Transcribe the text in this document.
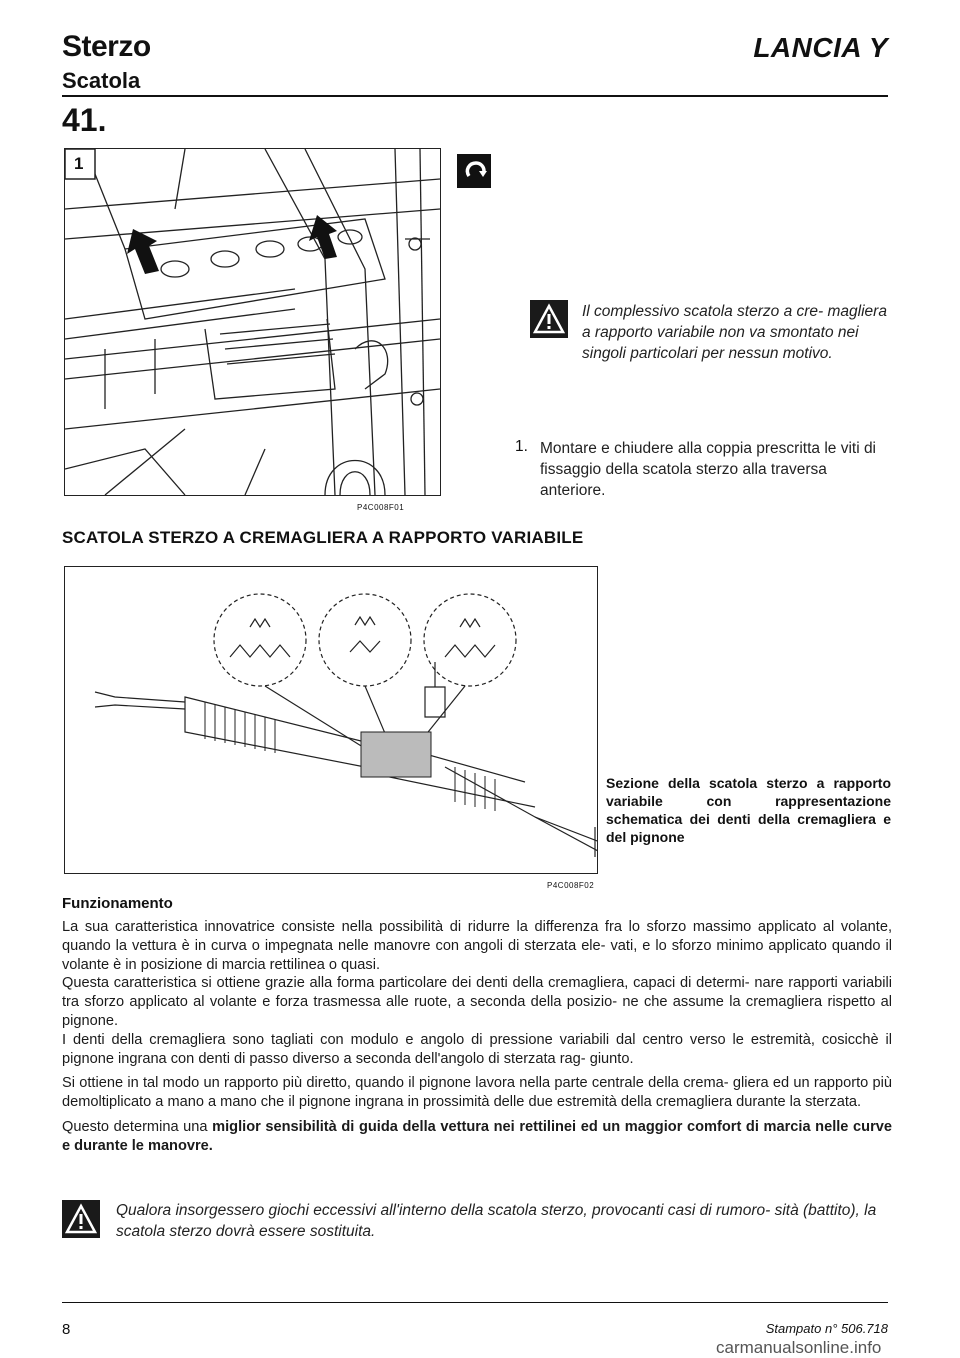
Sterzo
Scatola
LANCIA Y
41.
1
P4C008F01
Il complessivo scatola sterzo a cre- magliera a rapporto variabile non va smontato nei singoli particolari per nessun motivo.
1. Montare e chiudere alla coppia prescritta le viti di fissaggio della scatola sterzo alla traversa anteriore.
SCATOLA STERZO A CREMAGLIERA A RAPPORTO VARIABILE
P4C008F02
Sezione della scatola sterzo a rapporto variabile con rappresentazione schematica dei denti della cremagliera e del pignone
Funzionamento

La sua caratteristica innovatrice consiste nella possibilità di ridurre la differenza fra lo sforzo massimo applicato al volante, quando la vettura è in curva o impegnata nelle manovre con angoli di sterzata ele- vati, e lo sforzo minimo applicato quando il volante è in posizione di marcia rettilinea o quasi.

Questa caratteristica si ottiene grazie alla forma particolare dei denti della cremagliera, capaci di determi- nare rapporti variabili tra sforzo applicato al volante e forza trasmessa alle ruote, a seconda della posizio- ne che assume la cremagliera rispetto al pignone.

I denti della cremagliera sono tagliati con modulo e angolo di pressione variabili dal centro verso le estremità, cosicchè il pignone ingrana con denti di passo diverso a seconda dell'angolo di sterzata rag- giunto.

Si ottiene in tal modo un rapporto più diretto, quando il pignone lavora nella parte centrale della crema- gliera ed un rapporto più demoltiplicato a mano a mano che il pignone ingrana in prossimità delle due estremità della cremagliera durante la sterzata.

Questo determina una miglior sensibilità di guida della vettura nei rettilinei ed un maggior comfort di marcia nelle curve e durante le manovre.

Qualora insorgessero giochi eccessivi all'interno della scatola sterzo, provocanti casi di rumoro- sità (battito), la scatola sterzo dovrà essere sostituita.
8	Stampato n° 506.718
carmanualsonline.info
